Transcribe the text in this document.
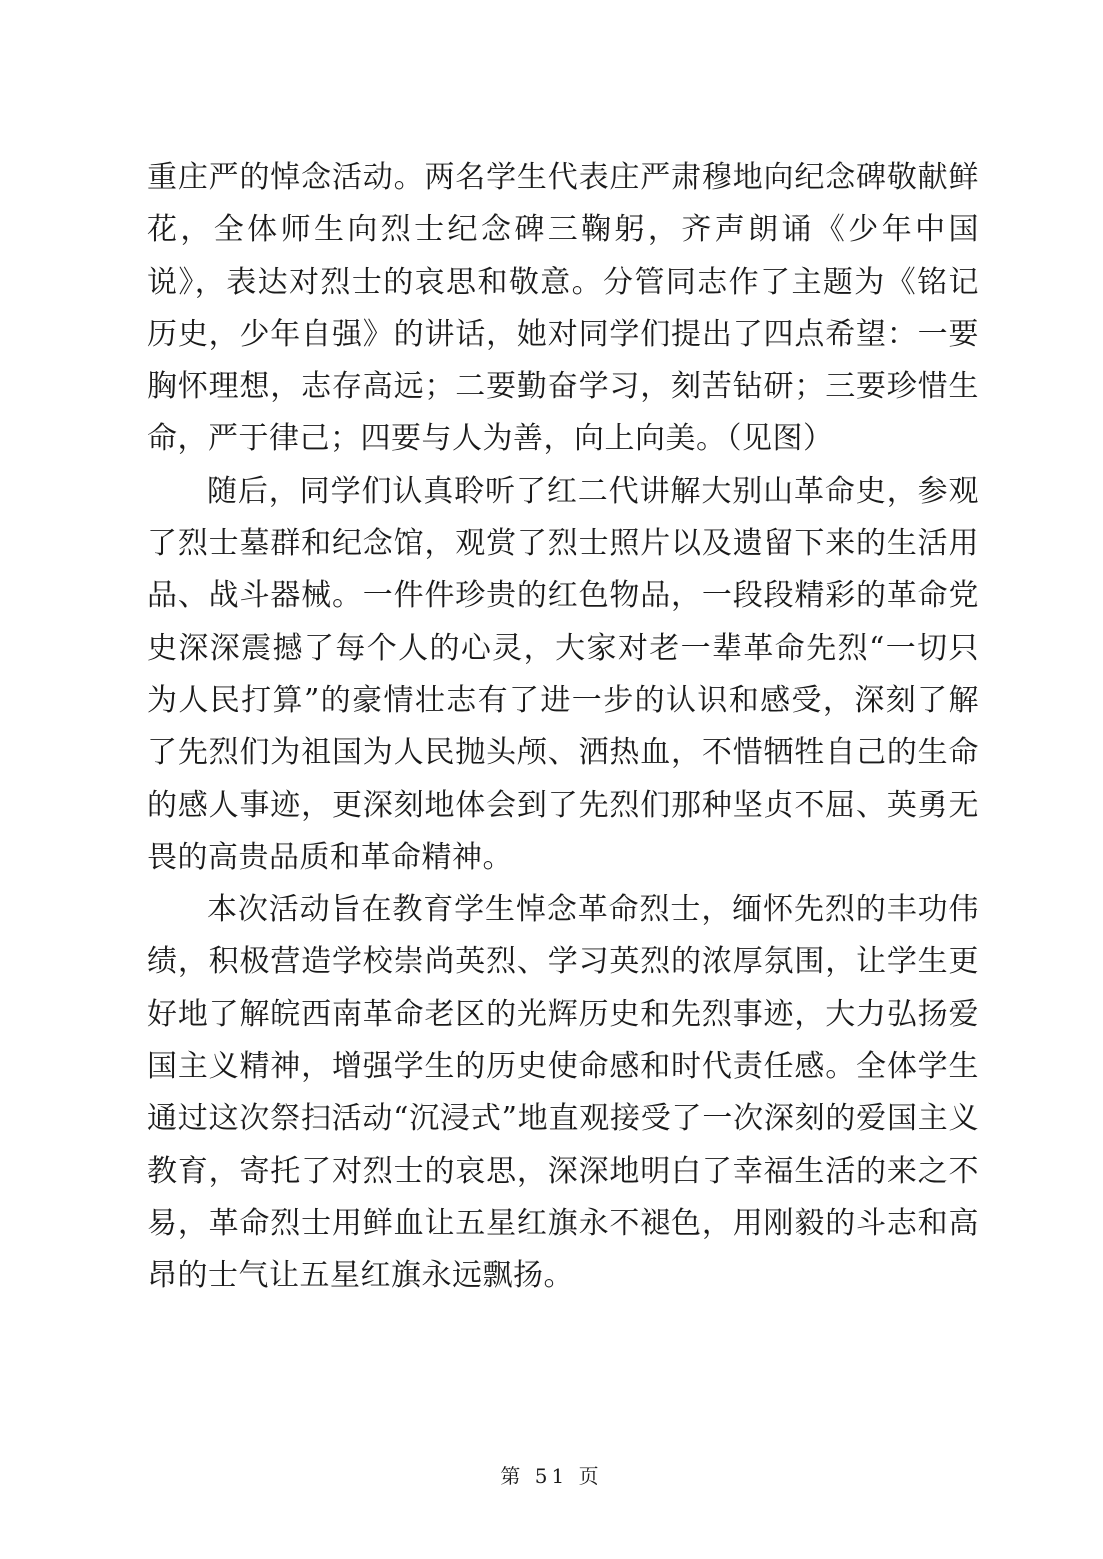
重庄严的悼念活动。两名学生代表庄严肃穆地向纪念碑敬献鲜花，全体师生向烈士纪念碑三鞠躬，齐声朗诵《少年中国说》，表达对烈士的哀思和敬意。分管同志作了主题为《铭记历史，少年自强》的讲话，她对同学们提出了四点希望：一要胸怀理想，志存高远；二要勤奋学习，刻苦钻研；三要珍惜生命，严于律己；四要与人为善，向上向美。（见图）

随后，同学们认真聆听了红二代讲解大别山革命史，参观了烈士墓群和纪念馆，观赏了烈士照片以及遗留下来的生活用品、战斗器械。一件件珍贵的红色物品，一段段精彩的革命党史深深震撼了每个人的心灵，大家对老一辈革命先烈“一切只为人民打算”的豪情壮志有了进一步的认识和感受，深刻了解了先烈们为祖国为人民抛头颅、洒热血，不惜牺牲自己的生命的感人事迹，更深刻地体会到了先烈们那种坚贞不屈、英勇无畏的高贵品质和革命精神。

本次活动旨在教育学生悼念革命烈士，缅怀先烈的丰功伟绩，积极营造学校崇尚英烈、学习英烈的浓厚氛围，让学生更好地了解皖西南革命老区的光辉历史和先烈事迹，大力弘扬爱国主义精神，增强学生的历史使命感和时代责任感。全体学生通过这次祭扫活动“沉浸式”地直观接受了一次深刻的爱国主义教育，寄托了对烈士的哀思，深深地明白了幸福生活的来之不易，革命烈士用鲜血让五星红旗永不褪色，用刚毅的斗志和高昂的士气让五星红旗永远飘扬。

第 51 页
